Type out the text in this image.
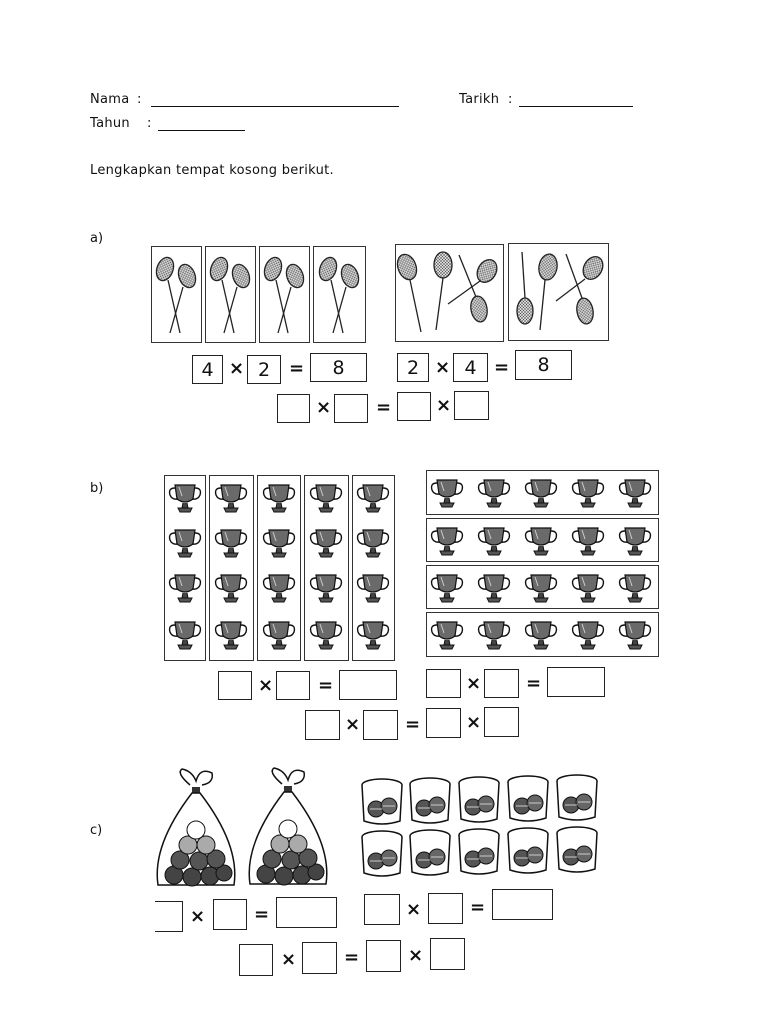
Nama :	Tarikh :
Tahun :
Lengkapkan tempat kosong berikut.
a)
4 × 2	=	8	2 × 4 =	8
× = ×
b)
× =	× =
× =	×
c)
×	=	×	=
×	=	×
